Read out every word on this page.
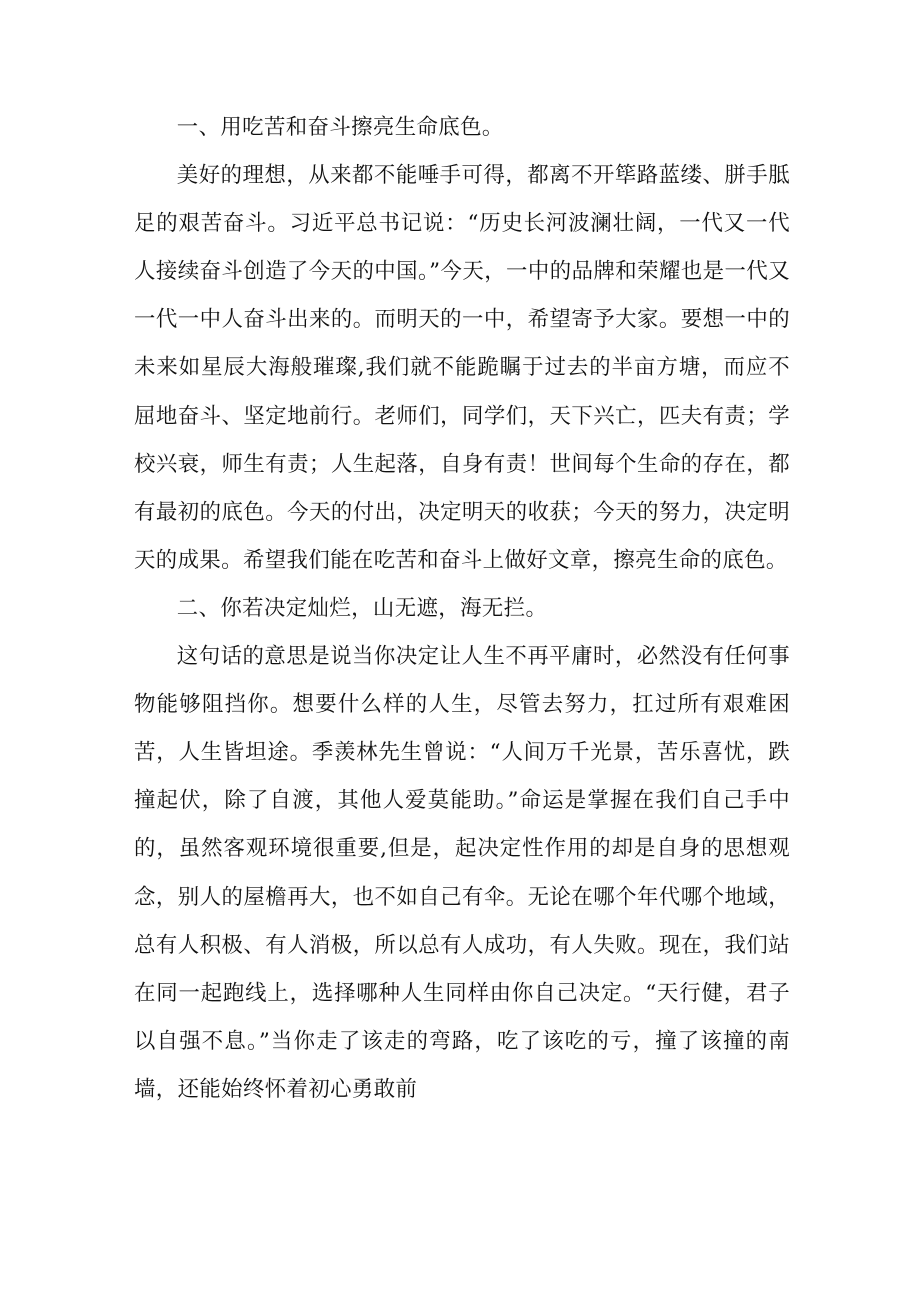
一、用吃苦和奋斗擦亮生命底色。

美好的理想，从来都不能唾手可得，都离不开筚路蓝缕、胼手胝足的艰苦奋斗。习近平总书记说：“历史长河波澜壮阔，一代又一代人接续奋斗创造了今天的中国。”今天，一中的品牌和荣耀也是一代又一代一中人奋斗出来的。而明天的一中，希望寄予大家。要想一中的未来如星辰大海般璀璨,我们就不能跪瞩于过去的半亩方塘，而应不屈地奋斗、坚定地前行。老师们，同学们，天下兴亡，匹夫有责；学校兴衰，师生有责；人生起落，自身有责！世间每个生命的存在，都有最初的底色。今天的付出，决定明天的收获；今天的努力，决定明天的成果。希望我们能在吃苦和奋斗上做好文章，擦亮生命的底色。

二、你若决定灿烂，山无遮，海无拦。

这句话的意思是说当你决定让人生不再平庸时，必然没有任何事物能够阻挡你。想要什么样的人生，尽管去努力，扛过所有艰难困苦，人生皆坦途。季羡林先生曾说：“人间万千光景，苦乐喜忧，跌撞起伏，除了自渡，其他人爱莫能助。”命运是掌握在我们自己手中的，虽然客观环境很重要,但是，起决定性作用的却是自身的思想观念，别人的屋檐再大，也不如自己有伞。无论在哪个年代哪个地域，总有人积极、有人消极，所以总有人成功，有人失败。现在，我们站在同一起跑线上，选择哪种人生同样由你自己决定。“天行健，君子以自强不息。”当你走了该走的弯路，吃了该吃的亏，撞了该撞的南墙，还能始终怀着初心勇敢前
